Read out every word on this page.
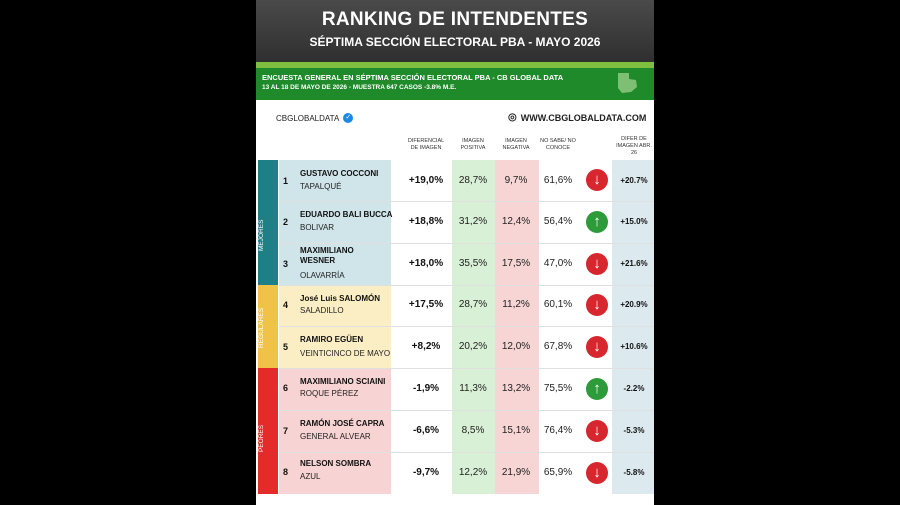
RANKING DE INTENDENTES
SÉPTIMA SECCIÓN ELECTORAL PBA - MAYO 2026
ENCUESTA GENERAL EN SÉPTIMA SECCIÓN ELECTORAL PBA - CB GLOBAL DATA
13 AL 18 DE MAYO DE 2026 - MUESTRA 647 CASOS -3.8% M.E.
CBGLOBALDATA ✓	◎ WWW.CBGLOBALDATA.COM
DIFERENCIAL DE IMAGEN
IMAGEN POSITIVA
IMAGEN NEGATIVA
NO SABE/ NO CONOCE
DIFER DE IMAGEN ABR. 26
MEJORES
REGULARES
PEORES
1
GUSTAVO COCCONI
TAPALQUÉ
+19,0%	28,7%	9,7%	61,6%	↓	+20.7%
2
EDUARDO BALI BUCCA
BOLIVAR
+18,8%	31,2%	12,4%	56,4%	↑	+15.0%
3
MAXIMILIANO WESNER
OLAVARRÍA
+18,0%	35,5%	17,5%	47,0%	↓	+21.6%
4
José Luis SALOMÓN
SALADILLO
+17,5%	28,7%	11,2%	60,1%	↓	+20.9%
5
RAMIRO EGÜEN
VEINTICINCO DE MAYO
+8,2%	20,2%	12,0%	67,8%	↓	+10.6%
6
MAXIMILIANO SCIAINI
ROQUE PÉREZ	-1,9%	11,3%	13,2%	75,5%	↑	-2.2%
7
RAMÓN JOSÉ CAPRA
GENERAL ALVEAR
-6,6%	8,5%	15,1%	76,4%	↓	-5.3%
8
NELSON SOMBRA
AZUL	-9,7%	12,2%	21,9%	65,9%	↓	-5.8%
